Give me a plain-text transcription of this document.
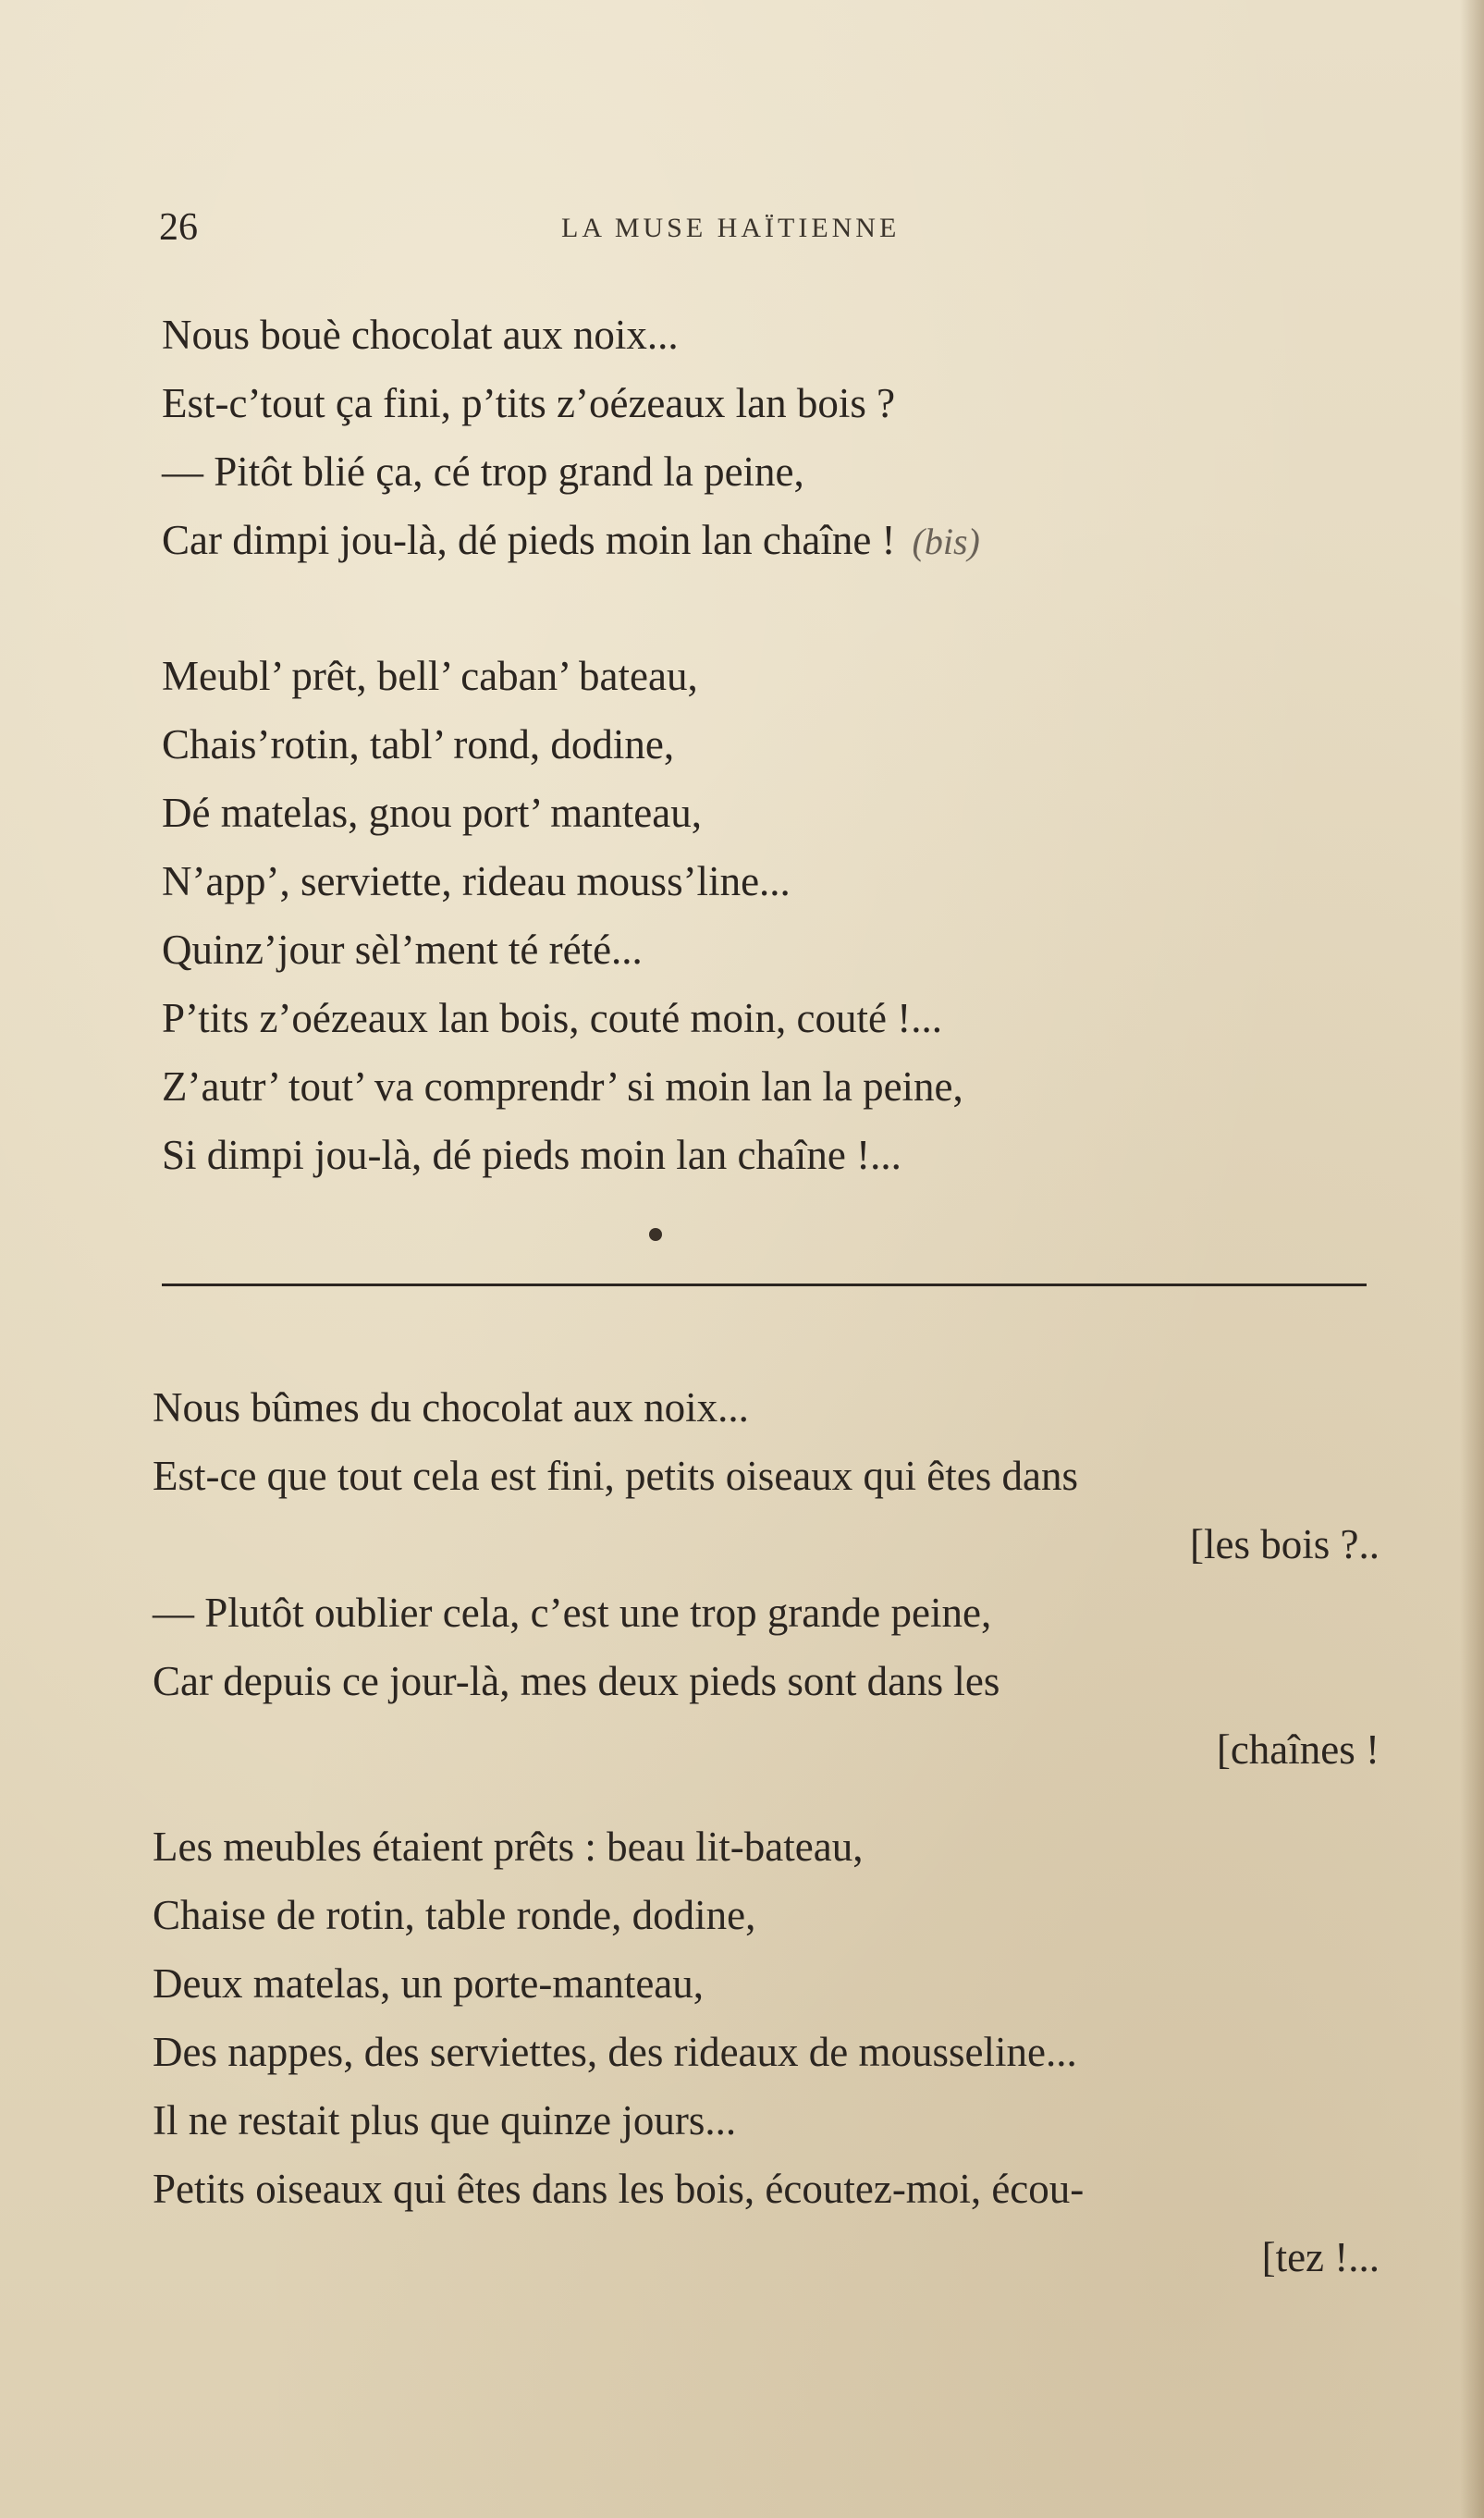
26	LA MUSE HAÏTIENNE
Nous bouè chocolat aux noix...
Est-c’tout ça fini, p’tits z’oézeaux lan bois ?
— Pitôt blié ça, cé trop grand la peine,
Car dimpi jou-là, dé pieds moin lan chaîne ! (bis)
Meubl’ prêt, bell’ caban’ bateau,
Chais’rotin, tabl’ rond, dodine,
Dé matelas, gnou port’ manteau,
N’app’, serviette, rideau mouss’line...
Quinz’jour sèl’ment té rété...
P’tits z’oézeaux lan bois, couté moin, couté !...
Z’autr’ tout’ va comprendr’ si moin lan la peine,
Si dimpi jou-là, dé pieds moin lan chaîne !...
Nous bûmes du chocolat aux noix...
Est-ce que tout cela est fini, petits oiseaux qui êtes dans
[les bois ?..
— Plutôt oublier cela, c’est une trop grande peine,
Car depuis ce jour-là, mes deux pieds sont dans les
[chaînes !
Les meubles étaient prêts : beau lit-bateau,
Chaise de rotin, table ronde, dodine,
Deux matelas, un porte-manteau,
Des nappes, des serviettes, des rideaux de mousseline...
Il ne restait plus que quinze jours...
Petits oiseaux qui êtes dans les bois, écoutez-moi, écou-
[tez !...
